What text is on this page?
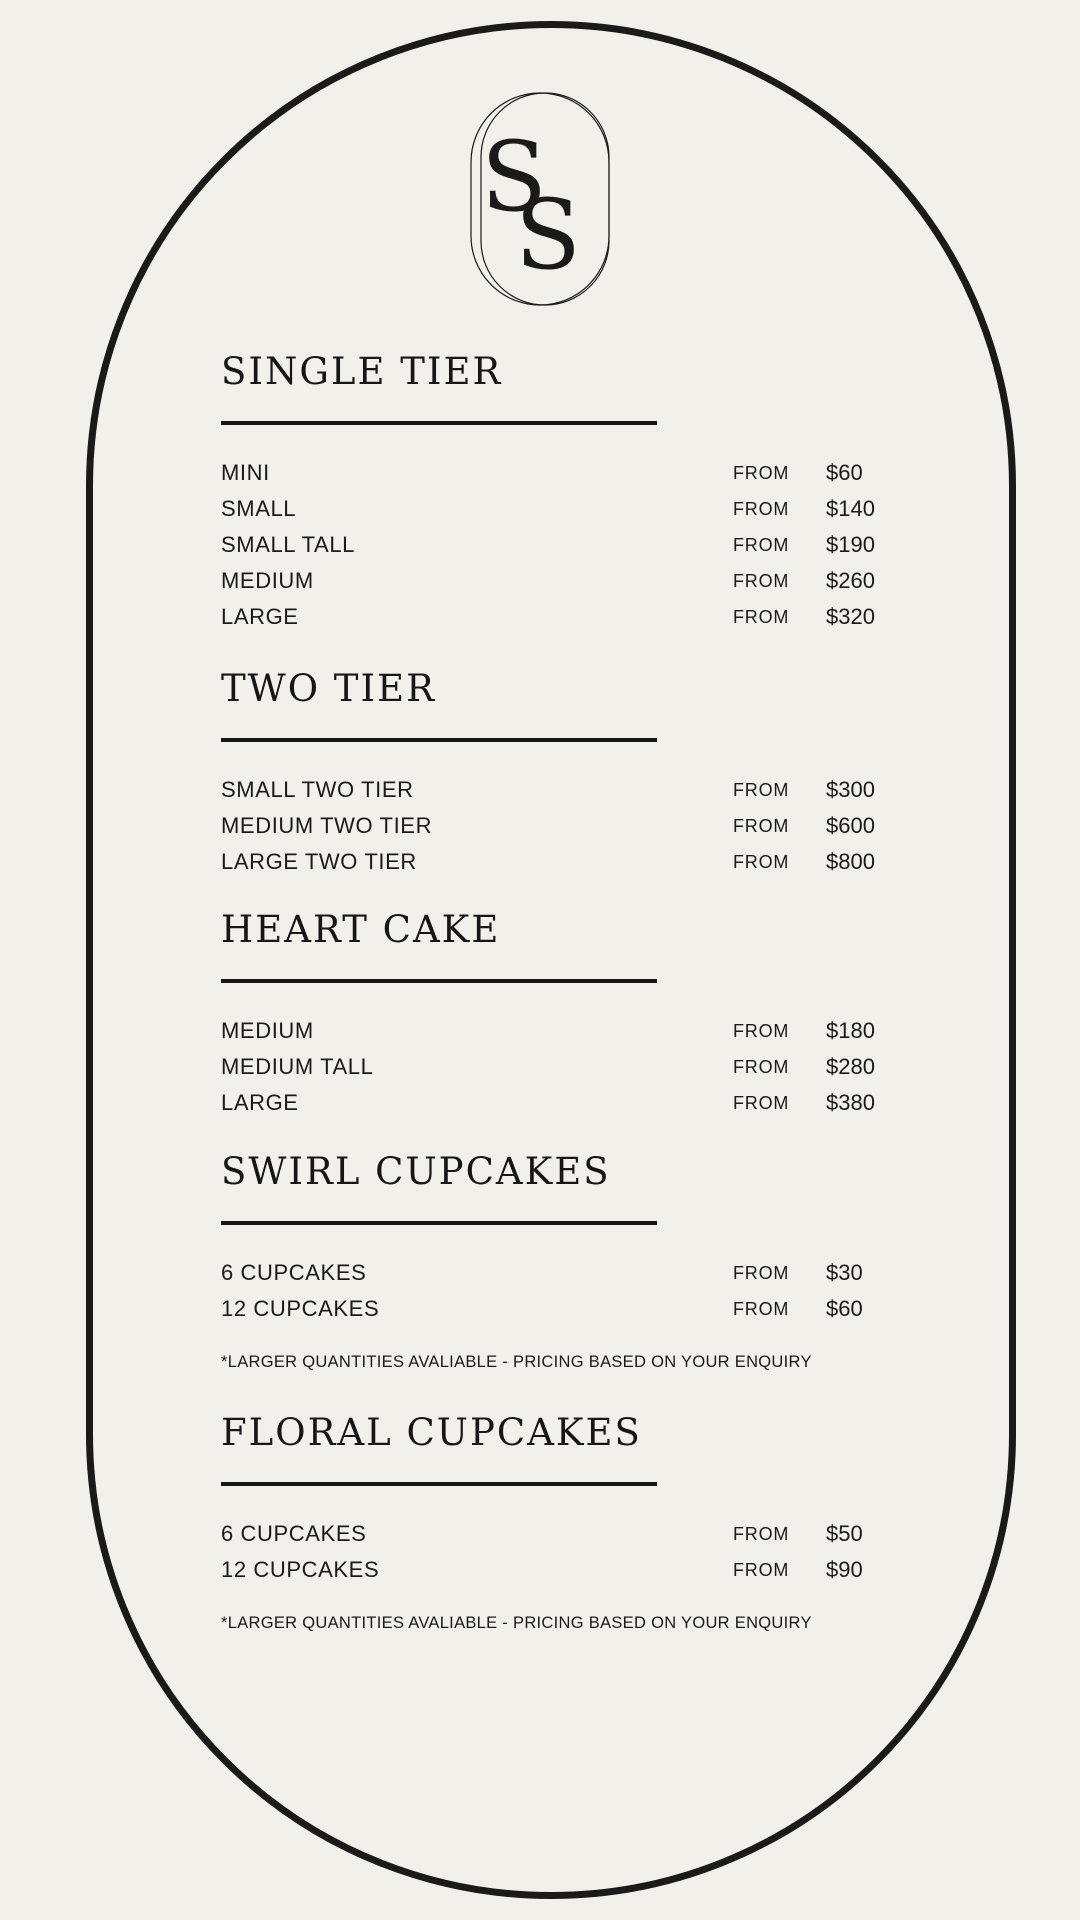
S
S
SINGLE TIER
MINI	FROM $60
SMALL	FROM $140
SMALL TALL	FROM $190
MEDIUM	FROM $260
LARGE	FROM $320
TWO TIER
SMALL TWO TIER	FROM $300
MEDIUM TWO TIER	FROM $600
LARGE TWO TIER	FROM $800
HEART CAKE
MEDIUM	FROM $180
MEDIUM TALL	FROM $280
LARGE	FROM $380
SWIRL CUPCAKES
6 CUPCAKES	FROM $30
12 CUPCAKES	FROM $60
*LARGER QUANTITIES AVALIABLE - PRICING BASED ON YOUR ENQUIRY
FLORAL CUPCAKES
6 CUPCAKES	FROM $50
12 CUPCAKES	FROM $90
*LARGER QUANTITIES AVALIABLE - PRICING BASED ON YOUR ENQUIRY
